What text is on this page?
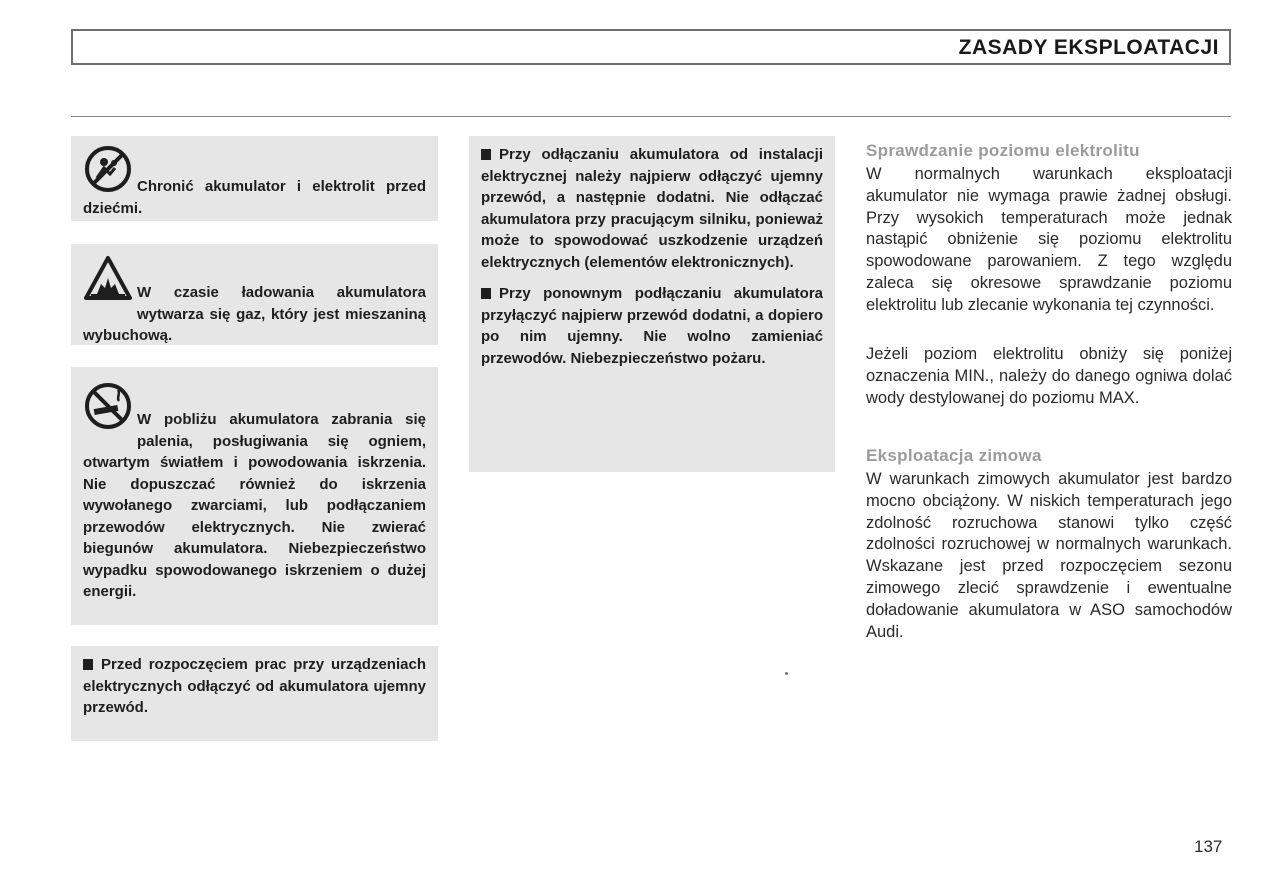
ZASADY EKSPLOATACJI
Chronić akumulator i elektrolit przed dziećmi.
W czasie ładowania akumulatora wytwarza się gaz, który jest mieszaniną wybuchową.
W pobliżu akumulatora zabrania się palenia, posługiwania się ogniem, otwartym światłem i powodowania iskrzenia. Nie dopuszczać również do iskrzenia wywołanego zwarciami, lub podłączaniem przewodów elektrycznych. Nie zwierać biegunów akumulatora. Niebezpieczeństwo wypadku spowodowanego iskrzeniem o dużej energii.
Przed rozpoczęciem prac przy urządzeniach elektrycznych odłączyć od akumulatora ujemny przewód.
Przy odłączaniu akumulatora od instalacji elektrycznej należy najpierw odłączyć ujemny przewód, a następnie dodatni. Nie odłączać akumulatora przy pracującym silniku, ponieważ może to spowodować uszkodzenie urządzeń elektrycznych (elementów elektronicznych).
Przy ponownym podłączaniu akumulatora przyłączyć najpierw przewód dodatni, a dopiero po nim ujemny. Nie wolno zamieniać przewodów. Niebezpieczeństwo pożaru.
Sprawdzanie poziomu elektrolitu
W normalnych warunkach eksploatacji akumulator nie wymaga prawie żadnej obsługi. Przy wysokich temperaturach może jednak nastąpić obniżenie się poziomu elektrolitu spowodowane parowaniem. Z tego względu zaleca się okresowe sprawdzanie poziomu elektrolitu lub zlecanie wykonania tej czynności.
Jeżeli poziom elektrolitu obniży się poniżej oznaczenia MIN., należy do danego ogniwa dolać wody destylowanej do poziomu MAX.
Eksploatacja zimowa
W warunkach zimowych akumulator jest bardzo mocno obciążony. W niskich temperaturach jego zdolność rozruchowa stanowi tylko część zdolności rozruchowej w normalnych warunkach. Wskazane jest przed rozpoczęciem sezonu zimowego zlecić sprawdzenie i ewentualne doładowanie akumulatora w ASO samochodów Audi.
137
